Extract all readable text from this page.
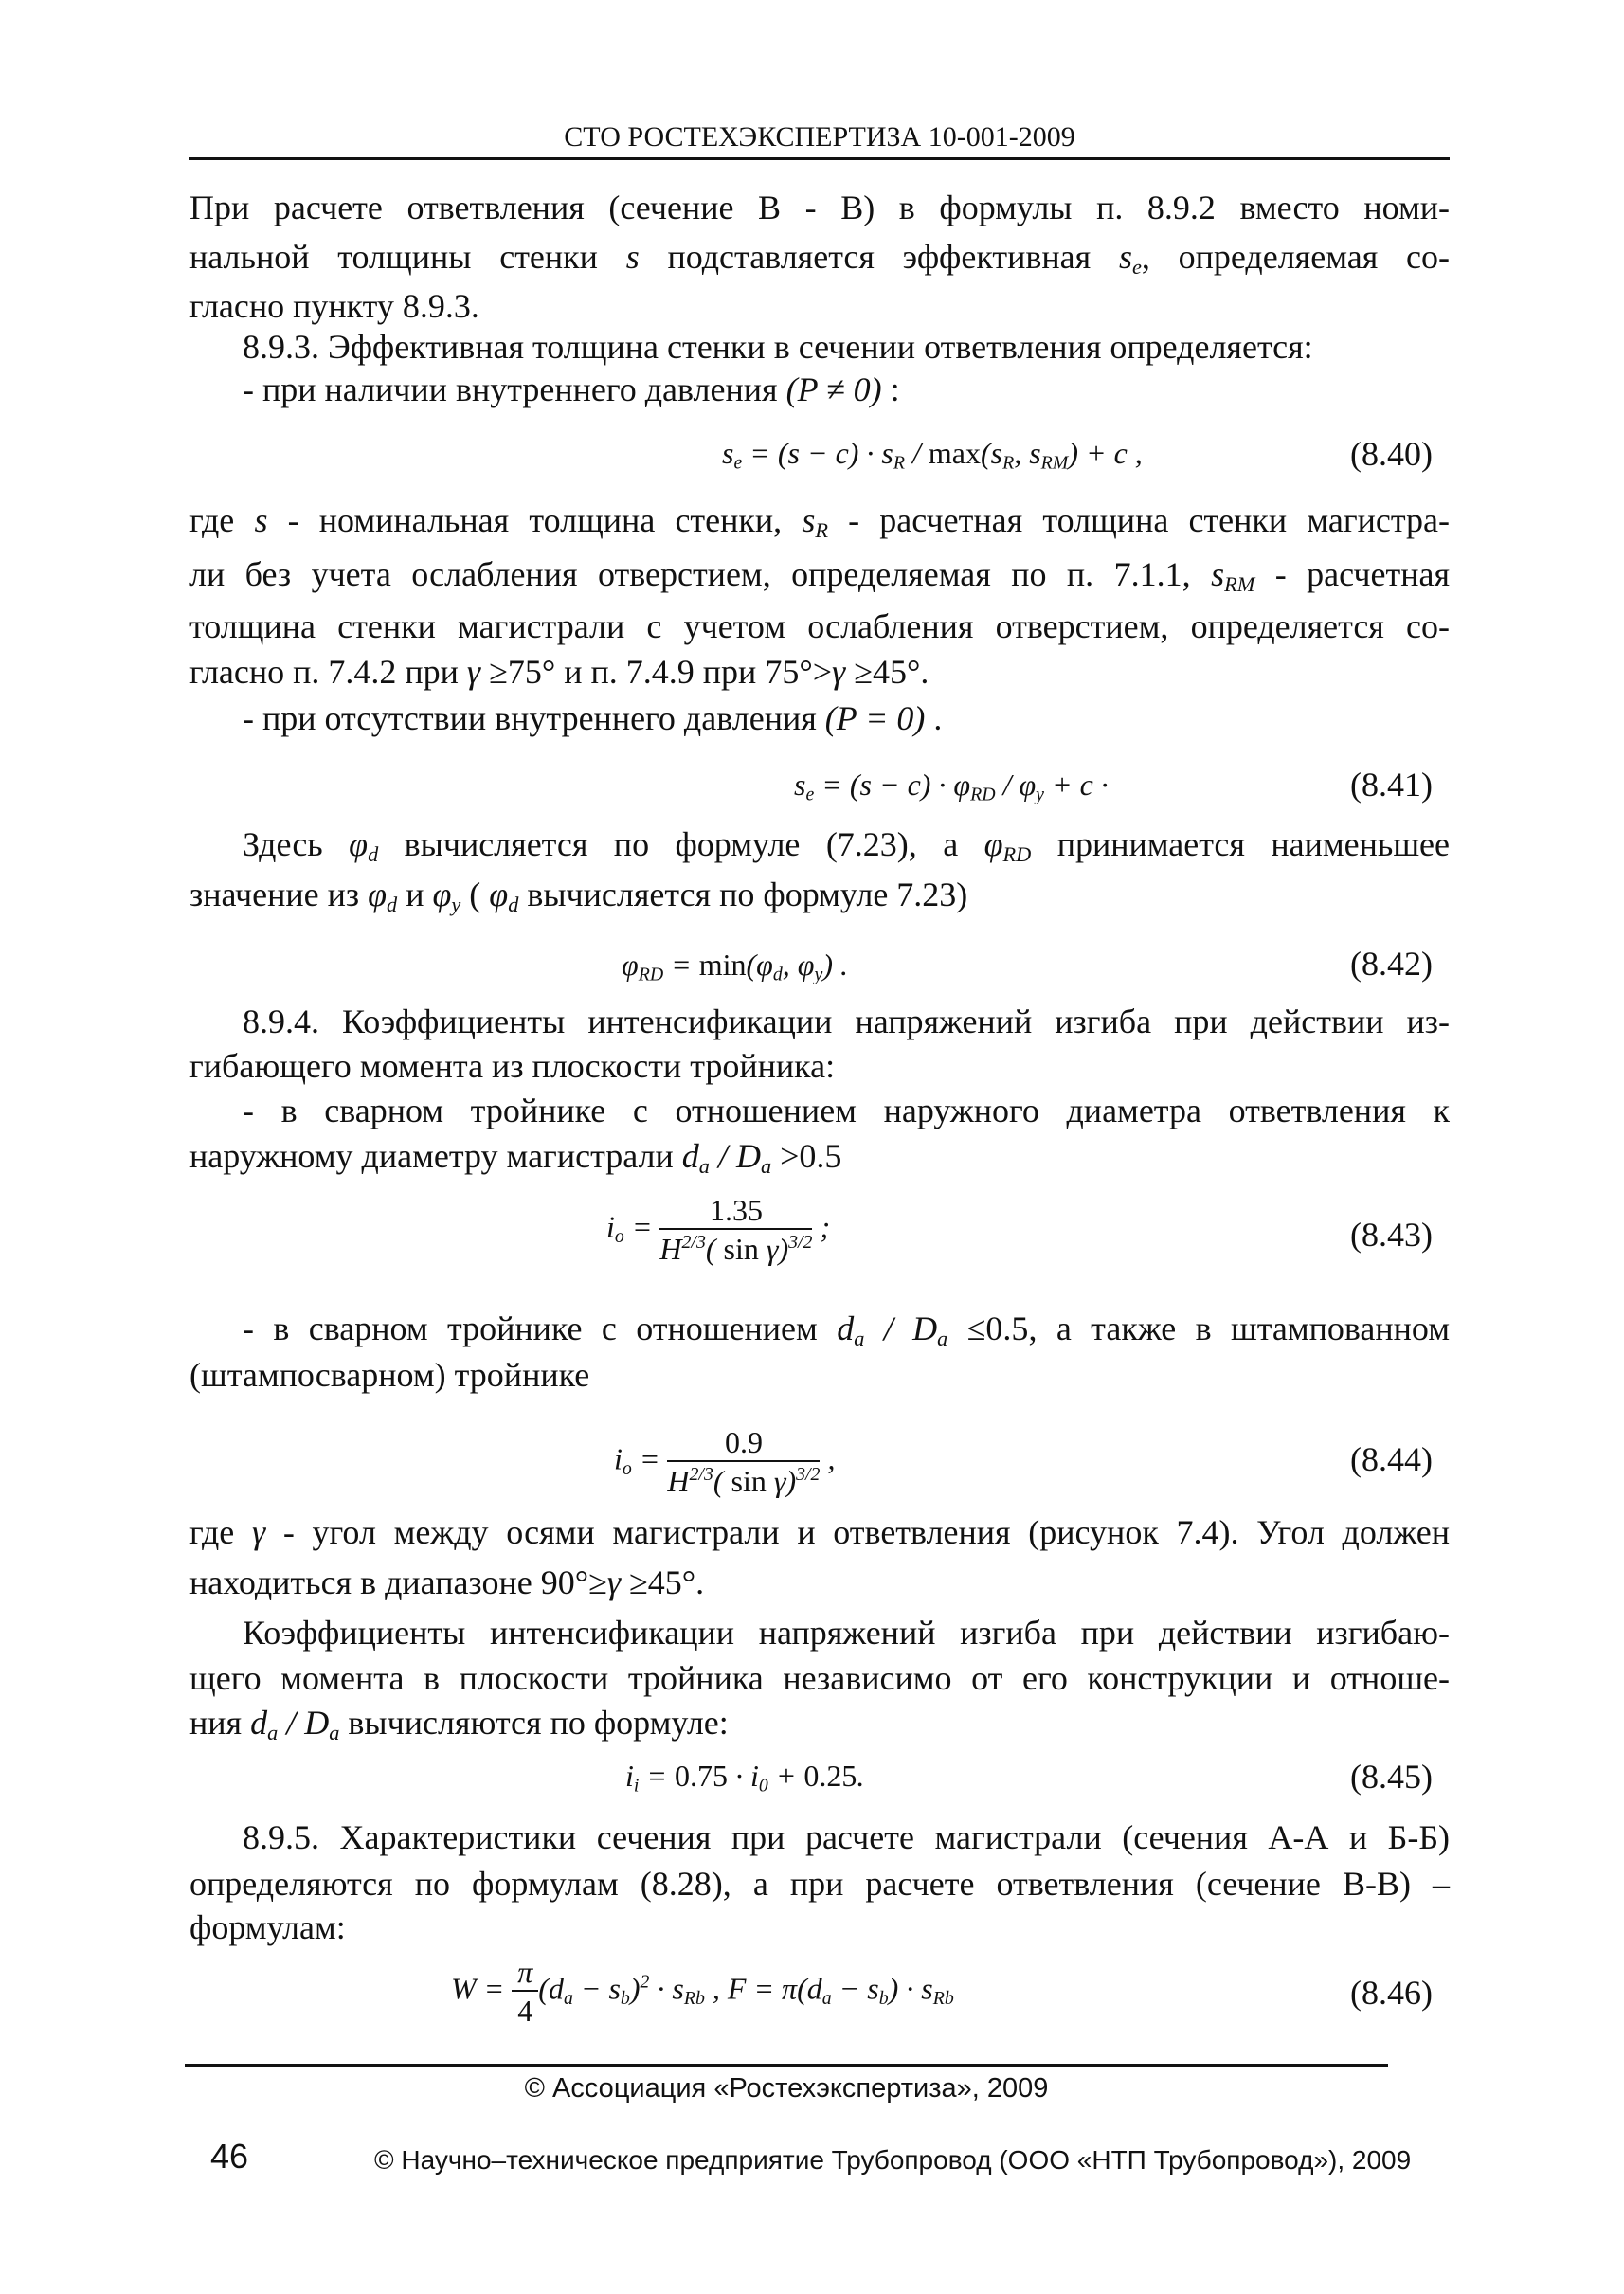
СТО РОСТЕХЭКСПЕРТИЗА 10-001-2009
При расчете ответвления (сечение В - В) в формулы п. 8.9.2 вместо номи-
нальной толщины стенки s подставляется эффективная $s_e$, определяемая со-
гласно пункту 8.9.3.
8.9.3. Эффективная толщина стенки в сечении ответвления определяется:
- при наличии внутреннего давления (P ≠ 0) :
$s_e = (s - c) \cdot s_R / \max(s_R$, $s_{RM}) + c$ ,	(8.40)
где s - номинальная толщина стенки, $s_R$ - расчетная толщина стенки магистра-
ли без учета ослабления отверстием, определяемая по п. 7.1.1, $s_{RM}$ - расчетная
толщина стенки магистрали с учетом ослабления отверстием, определяется со-
гласно п. 7.4.2 при γ ≥75° и п. 7.4.9 при 75°>γ ≥45°.
- при отсутствии внутреннего давления (P = 0) .
$s_e = (s - c) \cdot \varphi_{RD} / \varphi_y + c$ ·	(8.41)
Здесь $\varphi_d$ вычисляется по формуле (7.23), а $\varphi_{RD}$ принимается наименьшее
значение из $\varphi_d$ и $\varphi_y$ ( $\varphi_d$ вычисляется по формуле 7.23)
$\varphi_{RD} = \min(\varphi_d$, $\varphi_y$) .	(8.42)
8.9.4. Коэффициенты интенсификации напряжений изгиба при действии из-
гибающего момента из плоскости тройника:
- в сварном тройнике с отношением наружного диаметра ответвления к
наружному диаметру магистрали $d_a / D_a >0.5$
$i_o = \frac{1.35}{H^{2/3}( \sin \gamma)^{3/2}}$ ;	(8.43)
- в сварном тройнике с отношением $d_a / D_a \le 0.5$, а также в штампованном
(штампосварном) тройнике
$i_o = \frac{0.9}{H^{2/3}( \sin \gamma)^{3/2}}$ ,	(8.44)
где γ - угол между осями магистрали и ответвления (рисунок 7.4). Угол должен
находиться в диапазоне 90°≥γ ≥45°.
Коэффициенты интенсификации напряжений изгиба при действии изгибаю-
щего момента в плоскости тройника независимо от его конструкции и отноше-
ния $d_a / D_a$ вычисляются по формуле:
$i_i = 0.75 \cdot i_0 + 0.25$.	(8.45)
8.9.5. Характеристики сечения при расчете магистрали (сечения А-А и Б-Б)
определяются по формулам (8.28), а при расчете ответвления (сечение В-В) –
формулам:
$W = \frac{\pi}{4} (d_a - s_b)^2 \cdot s_{Rb}$ , $F = \pi(d_a - s_b) \cdot s_{Rb}$	(8.46)
© Ассоциация «Ростехэкспертиза», 2009
46	© Научно–техническое предприятие Трубопровод (ООО «НТП Трубопровод»), 2009
